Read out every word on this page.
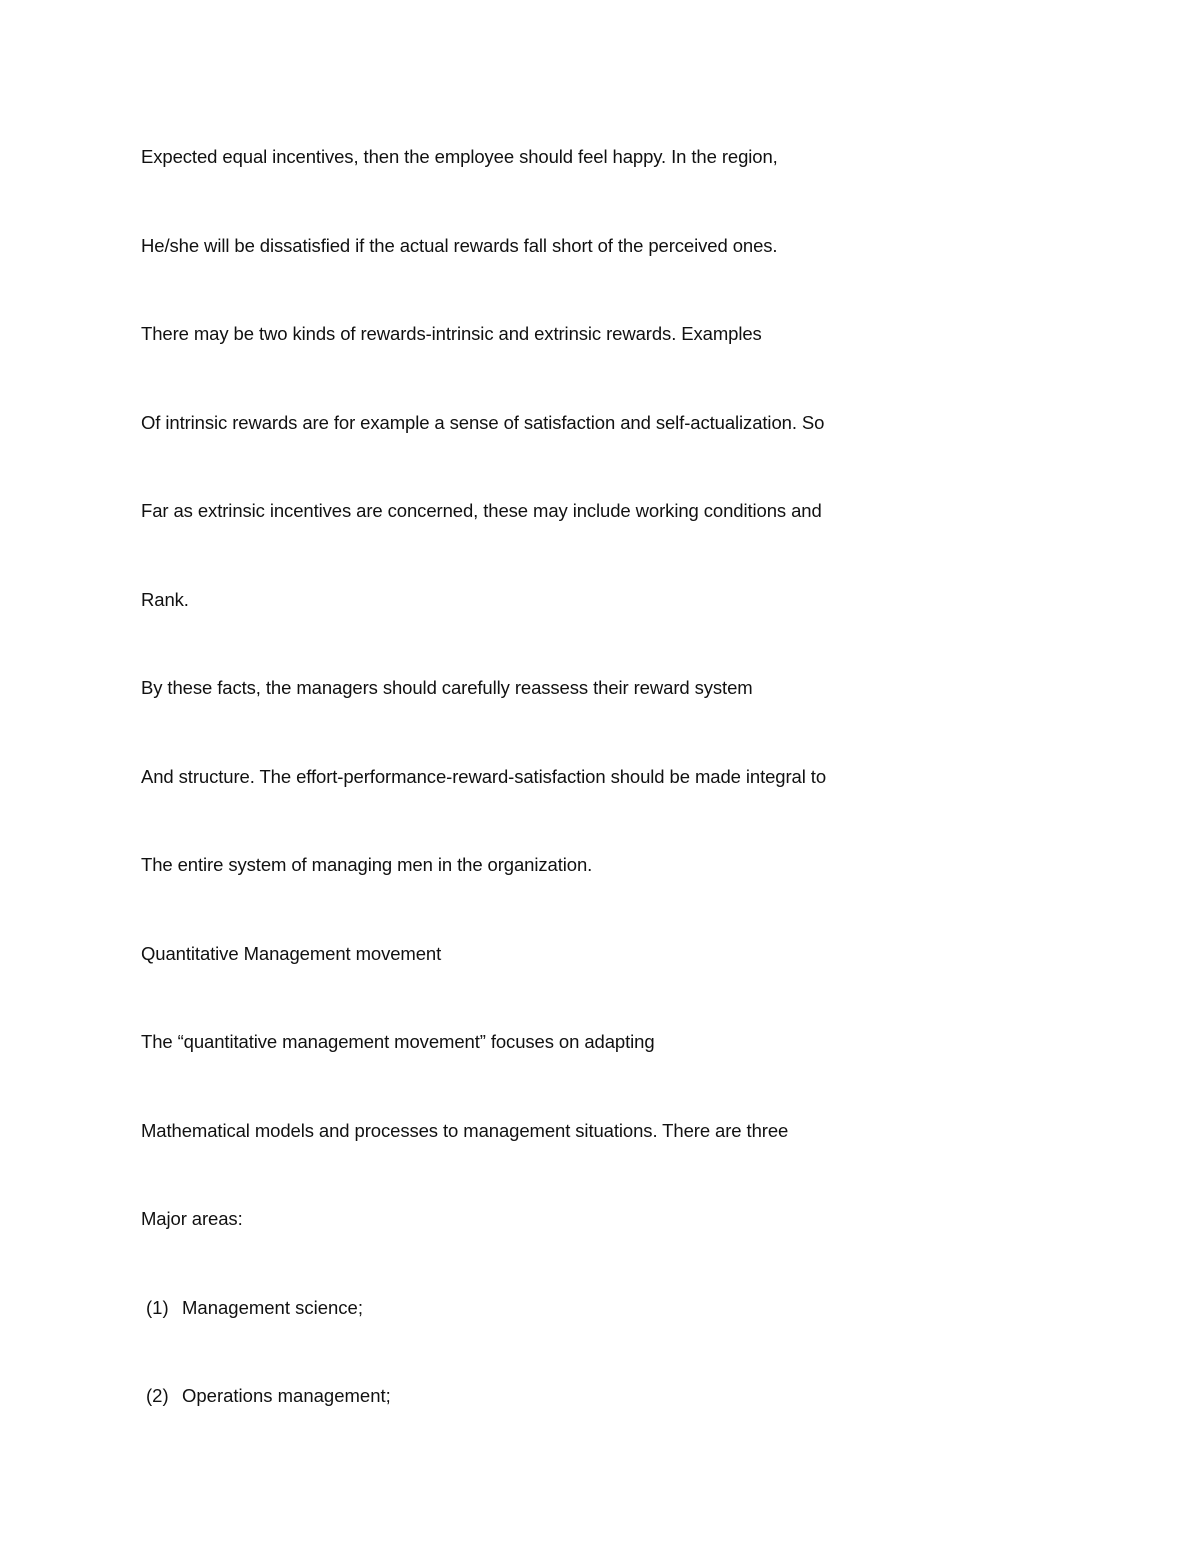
Expected equal incentives, then the employee should feel happy. In the region,
He/she will be dissatisfied if the actual rewards fall short of the perceived ones.
There may be two kinds of rewards-intrinsic and extrinsic rewards. Examples
Of intrinsic rewards are for example a sense of satisfaction and self-actualization. So
Far as extrinsic incentives are concerned, these may include working conditions and
Rank.
By these facts, the managers should carefully reassess their reward system
And structure. The effort-performance-reward-satisfaction should be made integral to
The entire system of managing men in the organization.
Quantitative Management movement
The “quantitative management movement” focuses on adapting
Mathematical models and processes to management situations. There are three
Major areas:
(1) Management science;
(2) Operations management;
